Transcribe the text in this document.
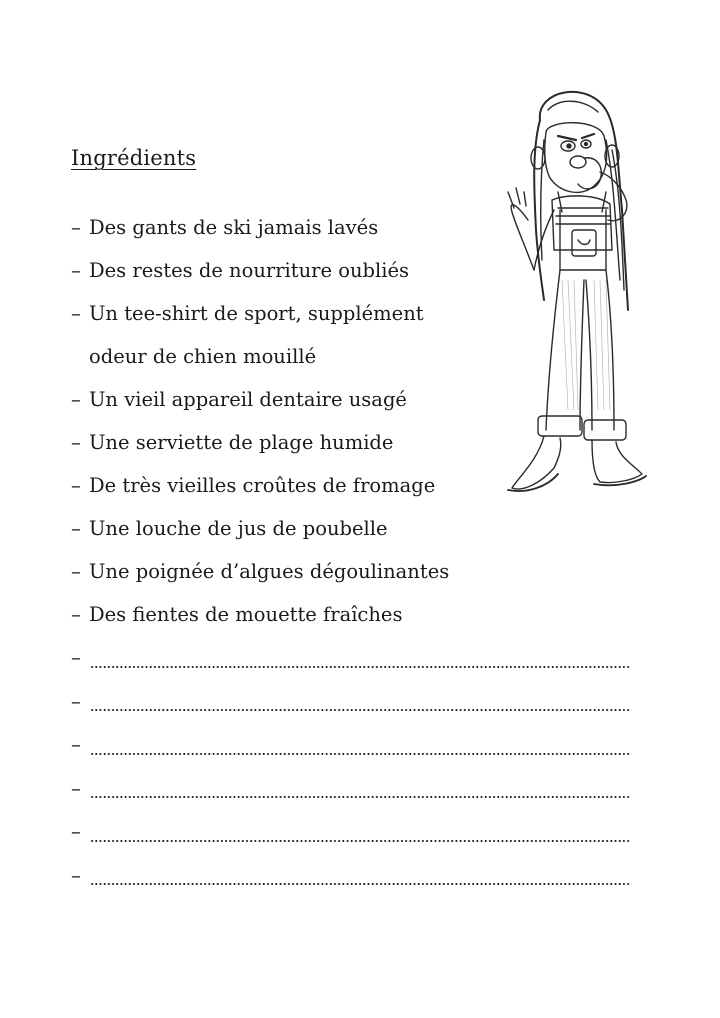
Ingrédients
– Des gants de ski jamais lavés
– Des restes de nourriture oubliés
– Un tee-shirt de sport, supplément
odeur de chien mouillé
– Un vieil appareil dentaire usagé
– Une serviette de plage humide
– De très vieilles croûtes de fromage
– Une louche de jus de poubelle
– Une poignée d’algues dégoulinantes
– Des fientes de mouette fraîches
–
–
–
–
–
–
